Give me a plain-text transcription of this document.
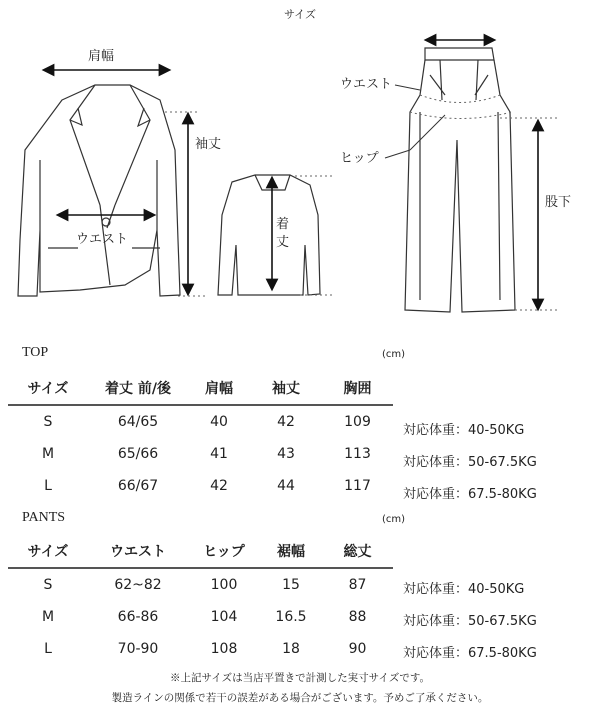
サイズ
肩幅
袖丈
ウエスト
着
丈
ウエスト
ヒップ
股下
TOP	(cm)
サイズ	着丈 前/後	肩幅	袖丈	胸囲
S	64/65	40	42	109
M	65/66	41	43	113
L	66/67	42	44	117
対応体重：40-50KG
対応体重：50-67.5KG
対応体重：67.5-80KG
PANTS	(cm)
サイズ	ウエスト	ヒップ	裾幅	総丈
S	62~82	100	15	87
M	66-86	104	16.5	88
L	70-90	108	18	90
対応体重：40-50KG
対応体重：50-67.5KG
対応体重：67.5-80KG
※上記サイズは当店平置きで計測した実寸サイズです。
製造ラインの関係で若干の誤差がある場合がございます。予めご了承ください。
